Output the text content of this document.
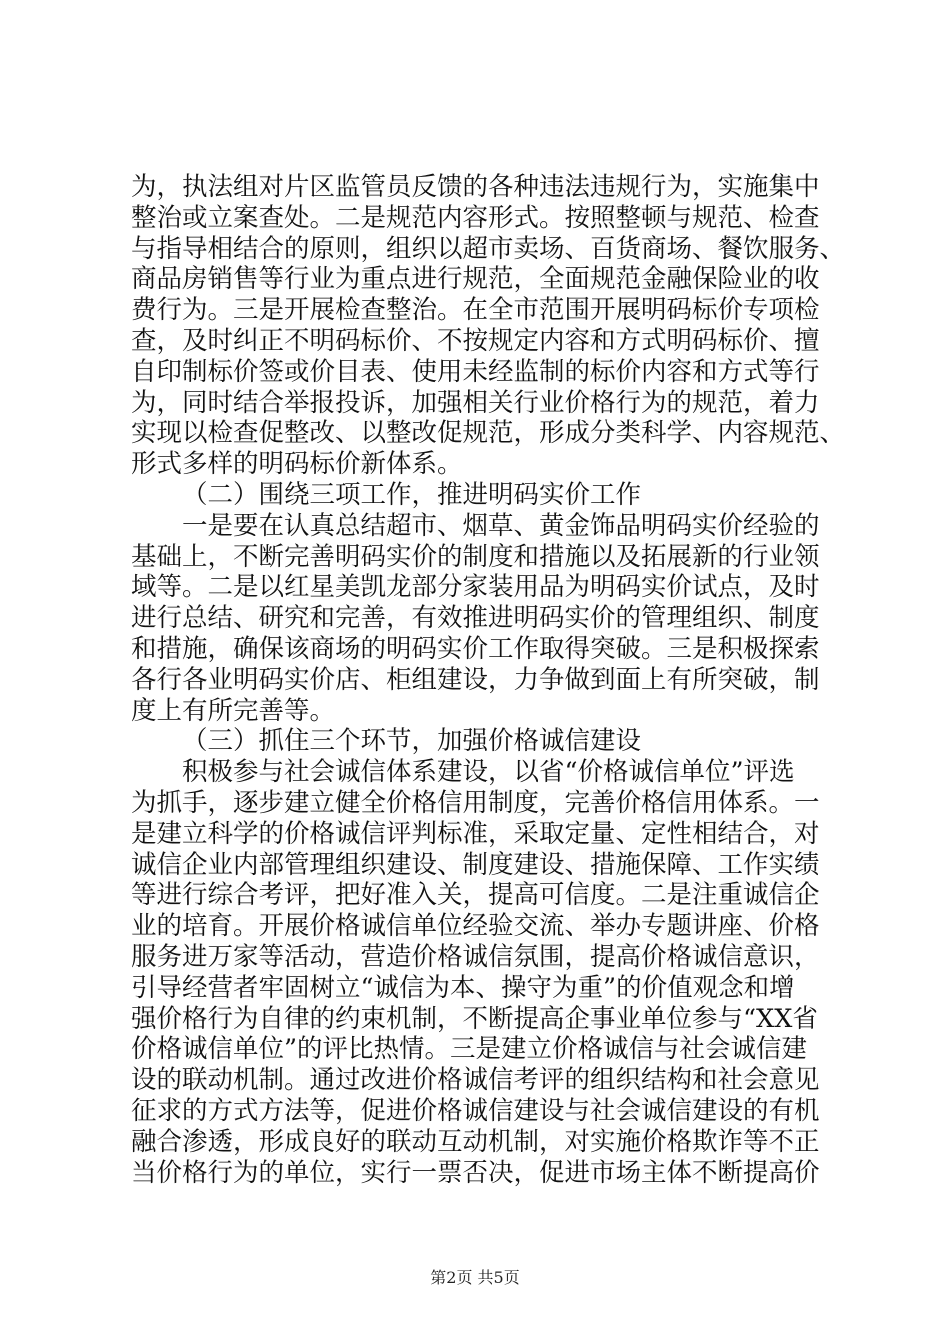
为，执法组对片区监管员反馈的各种违法违规行为，实施集中
整治或立案查处。二是规范内容形式。按照整顿与规范、检查
与指导相结合的原则，组织以超市卖场、百货商场、餐饮服务、
商品房销售等行业为重点进行规范，全面规范金融保险业的收
费行为。三是开展检查整治。在全市范围开展明码标价专项检
查，及时纠正不明码标价、不按规定内容和方式明码标价、擅
自印制标价签或价目表、使用未经监制的标价内容和方式等行
为，同时结合举报投诉，加强相关行业价格行为的规范，着力
实现以检查促整改、以整改促规范，形成分类科学、内容规范、
形式多样的明码标价新体系。
（二）围绕三项工作，推进明码实价工作
一是要在认真总结超市、烟草、黄金饰品明码实价经验的
基础上，不断完善明码实价的制度和措施以及拓展新的行业领
域等。二是以红星美凯龙部分家装用品为明码实价试点，及时
进行总结、研究和完善，有效推进明码实价的管理组织、制度
和措施，确保该商场的明码实价工作取得突破。三是积极探索
各行各业明码实价店、柜组建设，力争做到面上有所突破，制
度上有所完善等。
（三）抓住三个环节，加强价格诚信建设
积极参与社会诚信体系建设，以省“价格诚信单位”评选
为抓手，逐步建立健全价格信用制度，完善价格信用体系。一
是建立科学的价格诚信评判标准，采取定量、定性相结合，对
诚信企业内部管理组织建设、制度建设、措施保障、工作实绩
等进行综合考评，把好准入关，提高可信度。二是注重诚信企
业的培育。开展价格诚信单位经验交流、举办专题讲座、价格
服务进万家等活动，营造价格诚信氛围，提高价格诚信意识，
引导经营者牢固树立“诚信为本、操守为重”的价值观念和增
强价格行为自律的约束机制，不断提高企事业单位参与“XX省
价格诚信单位”的评比热情。三是建立价格诚信与社会诚信建
设的联动机制。通过改进价格诚信考评的组织结构和社会意见
征求的方式方法等，促进价格诚信建设与社会诚信建设的有机
融合渗透，形成良好的联动互动机制，对实施价格欺诈等不正
当价格行为的单位，实行一票否决，促进市场主体不断提高价
第2页 共5页
